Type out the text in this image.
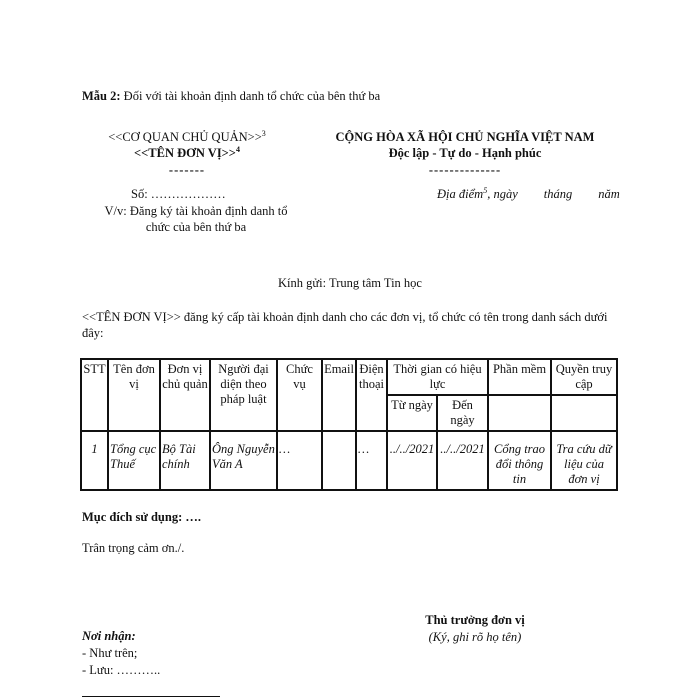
Mẫu 2: Đối với tài khoản định danh tổ chức của bên thứ ba
<<CƠ QUAN CHỦ QUẢN>>$^3$
<<TÊN ĐƠN VỊ>>$^4$
-------
Số: ………………
V/v: Đăng ký tài khoản định danh tổ
chức của bên thứ ba
CỘNG HÒA XÃ HỘI CHỦ NGHĨA VIỆT NAM
Độc lập - Tự do - Hạnh phúc
--------------
Địa điểm$^5$, ngày tháng năm
Kính gửi: Trung tâm Tin học
<<TÊN ĐƠN VỊ>> đăng ký cấp tài khoản định danh cho các đơn vị, tổ chức có tên trong danh sách dưới đây:
STT	Tên đơn vị	Đơn vị chủ quản	Người đại diện theo pháp luật	Chức vụ	Email	Điện thoại	Thời gian có hiệu lực		Phần mềm	Quyền truy cập
							Từ ngày	Đến ngày		
1	Tổng cục Thuế	Bộ Tài chính	Ông Nguyễn Văn A	…		…	../../2021	../../2021	Cổng trao đổi thông tin	Tra cứu dữ liệu của đơn vị
Mục đích sử dụng: ….
Trân trọng cảm ơn./.
Thủ trưởng đơn vị
(Ký, ghi rõ họ tên)
Nơi nhận:
- Như trên;
- Lưu: ………..
